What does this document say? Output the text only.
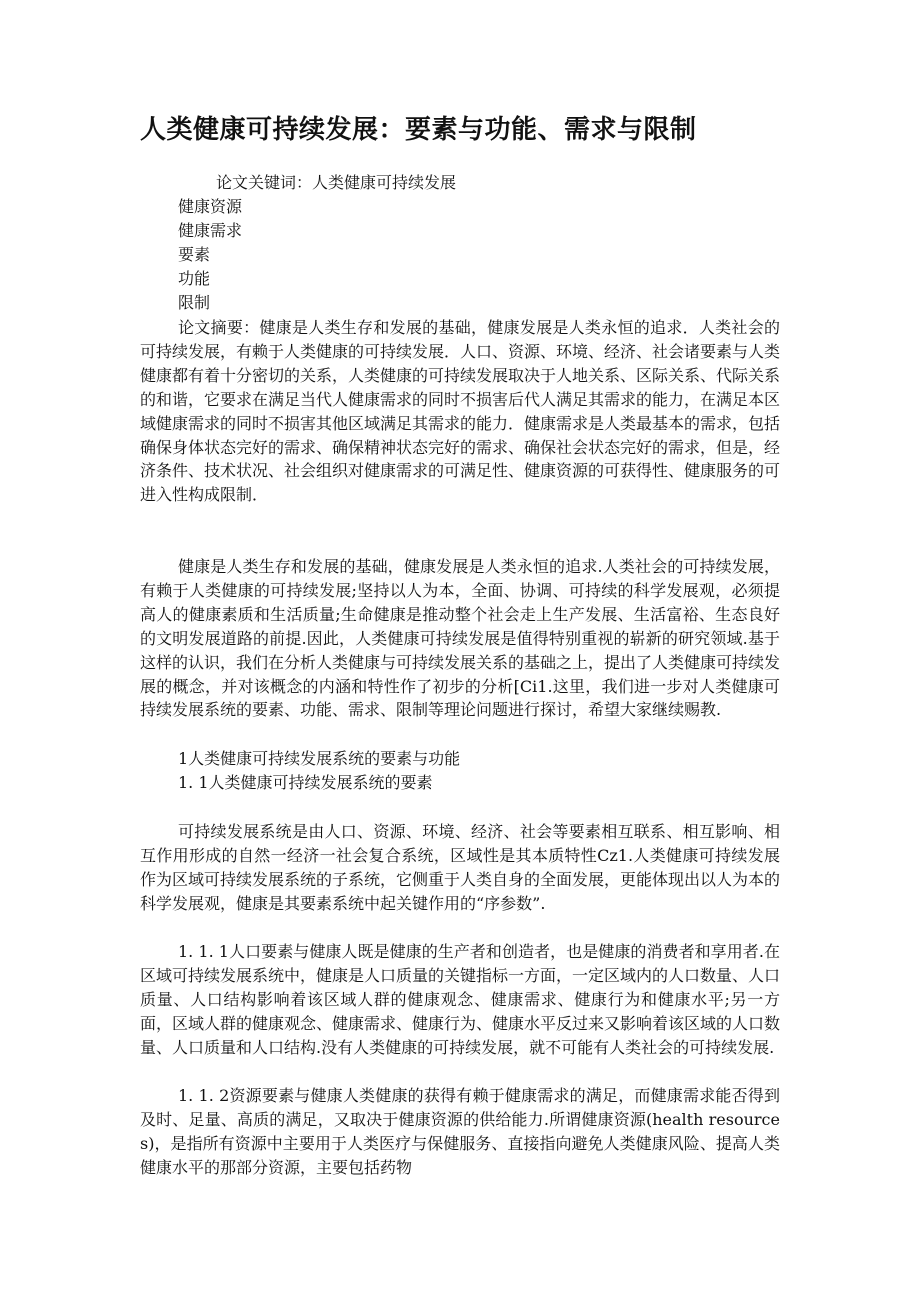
人类健康可持续发展：要素与功能、需求与限制
论文关键词：人类健康可持续发展
健康资源
健康需求
要素
功能
限制

论文摘要：健康是人类生存和发展的基础，健康发展是人类永恒的追求．人类社会的可持续发展，有赖于人类健康的可持续发展．人口、资源、环境、经济、社会诸要素与人类健康都有着十分密切的关系，人类健康的可持续发展取决于人地关系、区际关系、代际关系的和谐，它要求在满足当代人健康需求的同时不损害后代人满足其需求的能力，在满足本区域健康需求的同时不损害其他区域满足其需求的能力．健康需求是人类最基本的需求，包括确保身体状态完好的需求、确保精神状态完好的需求、确保社会状态完好的需求，但是，经济条件、技术状况、社会组织对健康需求的可满足性、健康资源的可获得性、健康服务的可进入性构成限制．

健康是人类生存和发展的基础，健康发展是人类永恒的追求.人类社会的可持续发展，有赖于人类健康的可持续发展;坚持以人为本，全面、协调、可持续的科学发展观，必须提高人的健康素质和生活质量;生命健康是推动整个社会走上生产发展、生活富裕、生态良好的文明发展道路的前提.因此，人类健康可持续发展是值得特别重视的崭新的研究领域.基于这样的认识，我们在分析人类健康与可持续发展关系的基础之上，提出了人类健康可持续发展的概念，并对该概念的内涵和特性作了初步的分析[Ci1.这里，我们进一步对人类健康可持续发展系统的要素、功能、需求、限制等理论问题进行探讨，希望大家继续赐教.

1人类健康可持续发展系统的要素与功能
1. 1人类健康可持续发展系统的要素

可持续发展系统是由人口、资源、环境、经济、社会等要素相互联系、相互影响、相互作用形成的自然一经济一社会复合系统，区域性是其本质特性Cz1.人类健康可持续发展作为区域可持续发展系统的子系统，它侧重于人类自身的全面发展，更能体现出以人为本的科学发展观，健康是其要素系统中起关键作用的“序参数”.

1. 1. 1人口要素与健康人既是健康的生产者和创造者，也是健康的消费者和享用者.在区域可持续发展系统中，健康是人口质量的关键指标一方面，一定区域内的人口数量、人口质量、人口结构影响着该区域人群的健康观念、健康需求、健康行为和健康水平;另一方面，区域人群的健康观念、健康需求、健康行为、健康水平反过来又影响着该区域的人口数量、人口质量和人口结构.没有人类健康的可持续发展，就不可能有人类社会的可持续发展.

1. 1. 2资源要素与健康人类健康的获得有赖于健康需求的满足，而健康需求能否得到及时、足量、高质的满足，又取决于健康资源的供给能力.所谓健康资源(health resources)，是指所有资源中主要用于人类医疗与保健服务、直接指向避免人类健康风险、提高人类健康水平的那部分资源，主要包括药物
